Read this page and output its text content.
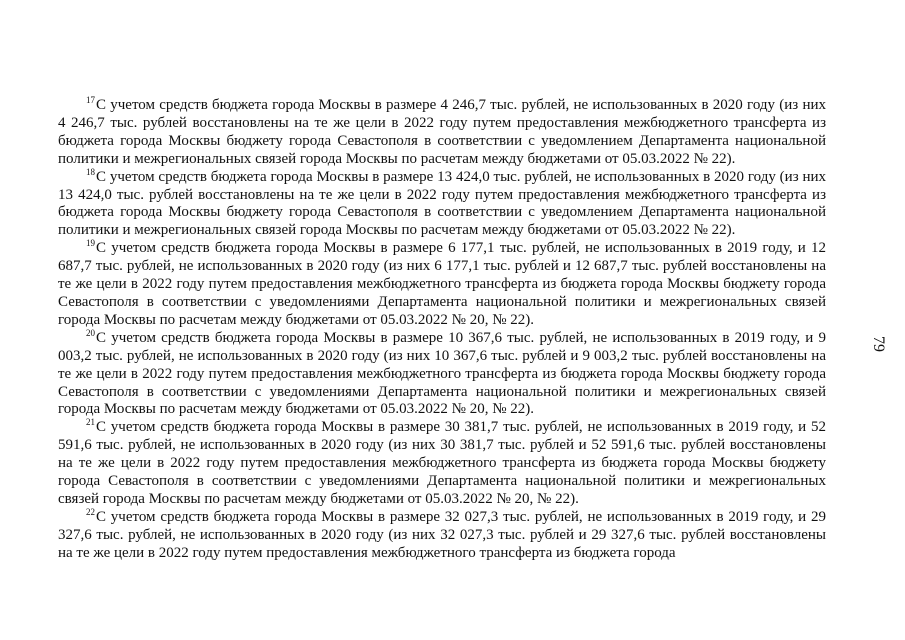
$^{17}$С учетом средств бюджета города Москвы в размере 4 246,7 тыс. рублей, не использованных в 2020 году (из них 4 246,7 тыс. рублей восстановлены на те же цели в 2022 году путем предоставления межбюджетного трансферта из бюджета города Москвы бюджету города Севастополя в соответствии с уведомлением Департамента национальной политики и межрегиональных связей города Москвы по расчетам между бюджетами от 05.03.2022 № 22).

$^{18}$С учетом средств бюджета города Москвы в размере 13 424,0 тыс. рублей, не использованных в 2020 году (из них 13 424,0 тыс. рублей восстановлены на те же цели в 2022 году путем предоставления межбюджетного трансферта из бюджета города Москвы бюджету города Севастополя в соответствии с уведомлением Департамента национальной политики и межрегиональных связей города Москвы по расчетам между бюджетами от 05.03.2022 № 22).

$^{19}$С учетом средств бюджета города Москвы в размере 6 177,1 тыс. рублей, не использованных в 2019 году, и 12 687,7 тыс. рублей, не использованных в 2020 году (из них 6 177,1 тыс. рублей и 12 687,7 тыс. рублей восстановлены на те же цели в 2022 году путем предоставления межбюджетного трансферта из бюджета города Москвы бюджету города Севастополя в соответствии с уведомлениями Департамента национальной политики и межрегиональных связей города Москвы по расчетам между бюджетами от 05.03.2022 № 20, № 22).

$^{20}$С учетом средств бюджета города Москвы в размере 10 367,6 тыс. рублей, не использованных в 2019 году, и 9 003,2 тыс. рублей, не использованных в 2020 году (из них 10 367,6 тыс. рублей и 9 003,2 тыс. рублей восстановлены на те же цели в 2022 году путем предоставления межбюджетного трансферта из бюджета города Москвы бюджету города Севастополя в соответствии с уведомлениями Департамента национальной политики и межрегиональных связей города Москвы по расчетам между бюджетами от 05.03.2022 № 20, № 22).

$^{21}$С учетом средств бюджета города Москвы в размере 30 381,7 тыс. рублей, не использованных в 2019 году, и 52 591,6 тыс. рублей, не использованных в 2020 году (из них 30 381,7 тыс. рублей и 52 591,6 тыс. рублей восстановлены на те же цели в 2022 году путем предоставления межбюджетного трансферта из бюджета города Москвы бюджету города Севастополя в соответствии с уведомлениями Департамента национальной политики и межрегиональных связей города Москвы по расчетам между бюджетами от 05.03.2022 № 20, № 22).

$^{22}$С учетом средств бюджета города Москвы в размере 32 027,3 тыс. рублей, не использованных в 2019 году, и 29 327,6 тыс. рублей, не использованных в 2020 году (из них 32 027,3 тыс. рублей и 29 327,6 тыс. рублей восстановлены на те же цели в 2022 году путем предоставления межбюджетного трансферта из бюджета города

79
